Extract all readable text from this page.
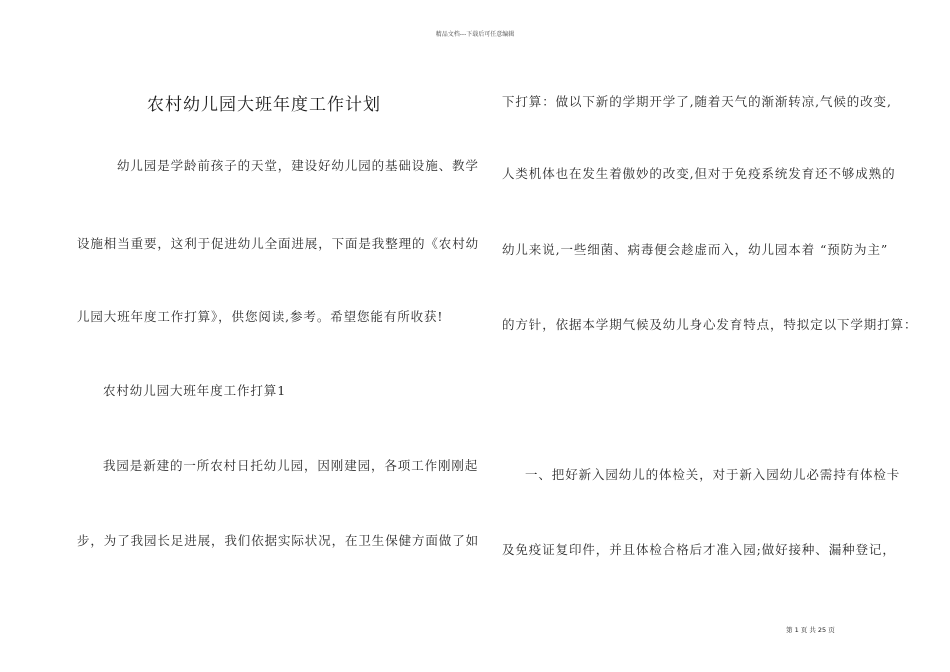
精品文档---下载后可任意编辑
农村幼儿园大班年度工作计划
幼儿园是学龄前孩子的天堂，建设好幼儿园的基础设施、教学
设施相当重要，这利于促进幼儿全面进展，下面是我整理的《农村幼
儿园大班年度工作打算》，供您阅读,参考。希望您能有所收获!
农村幼儿园大班年度工作打算1
我园是新建的一所农村日托幼儿园，因刚建园，各项工作刚刚起
步，为了我园长足进展，我们依据实际状况，在卫生保健方面做了如
下打算：做以下新的学期开学了,随着天气的渐渐转凉,气候的改变,
人类机体也在发生着傲妙的改变,但对于免疫系统发育还不够成熟的
幼儿来说,一些细菌、病毒便会趁虚而入，幼儿园本着 “预防为主”
的方针，依据本学期气候及幼儿身心发育特点，特拟定以下学期打算：
一、把好新入园幼儿的体检关，对于新入园幼儿必需持有体检卡
及免疫证复印件，并且体检合格后才准入园;做好接种、漏种登记，
第 1 页 共 25 页
